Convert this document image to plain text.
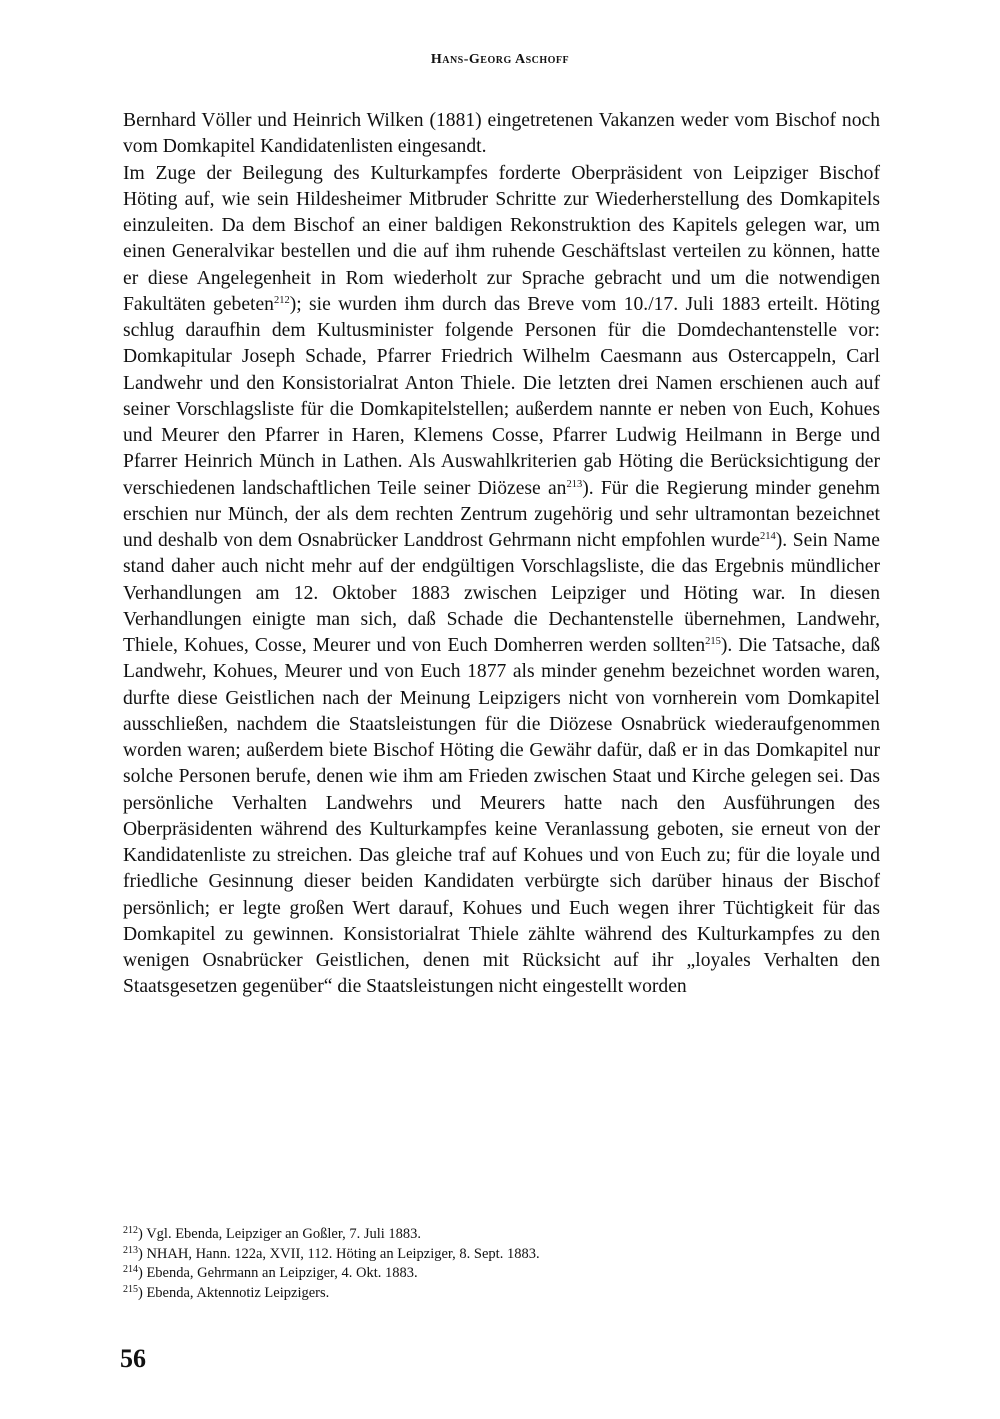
Hans-Georg Aschoff

Bernhard Völler und Heinrich Wilken (1881) eingetretenen Vakanzen weder vom Bischof noch vom Domkapitel Kandidatenlisten eingesandt.

Im Zuge der Beilegung des Kulturkampfes forderte Oberpräsident von Leipziger Bischof Höting auf, wie sein Hildesheimer Mitbruder Schritte zur Wiederherstellung des Domkapitels einzuleiten. Da dem Bischof an einer baldigen Rekonstruktion des Kapitels gelegen war, um einen Generalvikar bestellen und die auf ihm ruhende Geschäftslast verteilen zu können, hatte er diese Angelegenheit in Rom wiederholt zur Sprache gebracht und um die notwendigen Fakultäten gebeten$^{212}$); sie wurden ihm durch das Breve vom 10./17. Juli 1883 erteilt. Höting schlug daraufhin dem Kultusminister folgende Personen für die Domdechantenstelle vor: Domkapitular Joseph Schade, Pfarrer Friedrich Wilhelm Caesmann aus Ostercappeln, Carl Landwehr und den Konsistorialrat Anton Thiele. Die letzten drei Namen erschienen auch auf seiner Vorschlagsliste für die Domkapitelstellen; außerdem nannte er neben von Euch, Kohues und Meurer den Pfarrer in Haren, Klemens Cosse, Pfarrer Ludwig Heilmann in Berge und Pfarrer Heinrich Münch in Lathen. Als Auswahlkriterien gab Höting die Berücksichtigung der verschiedenen landschaftlichen Teile seiner Diözese an$^{213}$). Für die Regierung minder genehm erschien nur Münch, der als dem rechten Zentrum zugehörig und sehr ultramontan bezeichnet und deshalb von dem Osnabrücker Landdrost Gehrmann nicht empfohlen wurde$^{214}$). Sein Name stand daher auch nicht mehr auf der endgültigen Vorschlagsliste, die das Ergebnis mündlicher Verhandlungen am 12. Oktober 1883 zwischen Leipziger und Höting war. In diesen Verhandlungen einigte man sich, daß Schade die Dechantenstelle übernehmen, Landwehr, Thiele, Kohues, Cosse, Meurer und von Euch Domherren werden sollten$^{215}$). Die Tatsache, daß Landwehr, Kohues, Meurer und von Euch 1877 als minder genehm bezeichnet worden waren, durfte diese Geistlichen nach der Meinung Leipzigers nicht von vornherein vom Domkapitel ausschließen, nachdem die Staatsleistungen für die Diözese Osnabrück wiederaufgenommen worden waren; außerdem biete Bischof Höting die Gewähr dafür, daß er in das Domkapitel nur solche Personen berufe, denen wie ihm am Frieden zwischen Staat und Kirche gelegen sei. Das persönliche Verhalten Landwehrs und Meurers hatte nach den Ausführungen des Oberpräsidenten während des Kulturkampfes keine Veranlassung geboten, sie erneut von der Kandidatenliste zu streichen. Das gleiche traf auf Kohues und von Euch zu; für die loyale und friedliche Gesinnung dieser beiden Kandidaten verbürgte sich darüber hinaus der Bischof persönlich; er legte großen Wert darauf, Kohues und Euch wegen ihrer Tüchtigkeit für das Domkapitel zu gewinnen. Konsistorialrat Thiele zählte während des Kulturkampfes zu den wenigen Osnabrücker Geistlichen, denen mit Rücksicht auf ihr „loyales Verhalten den Staatsgesetzen gegenüber“ die Staatsleistungen nicht eingestellt worden

$^{212}$) Vgl. Ebenda, Leipziger an Goßler, 7. Juli 1883.
$^{213}$) NHAH, Hann. 122a, XVII, 112. Höting an Leipziger, 8. Sept. 1883.
$^{214}$) Ebenda, Gehrmann an Leipziger, 4. Okt. 1883.
$^{215}$) Ebenda, Aktennotiz Leipzigers.
56
